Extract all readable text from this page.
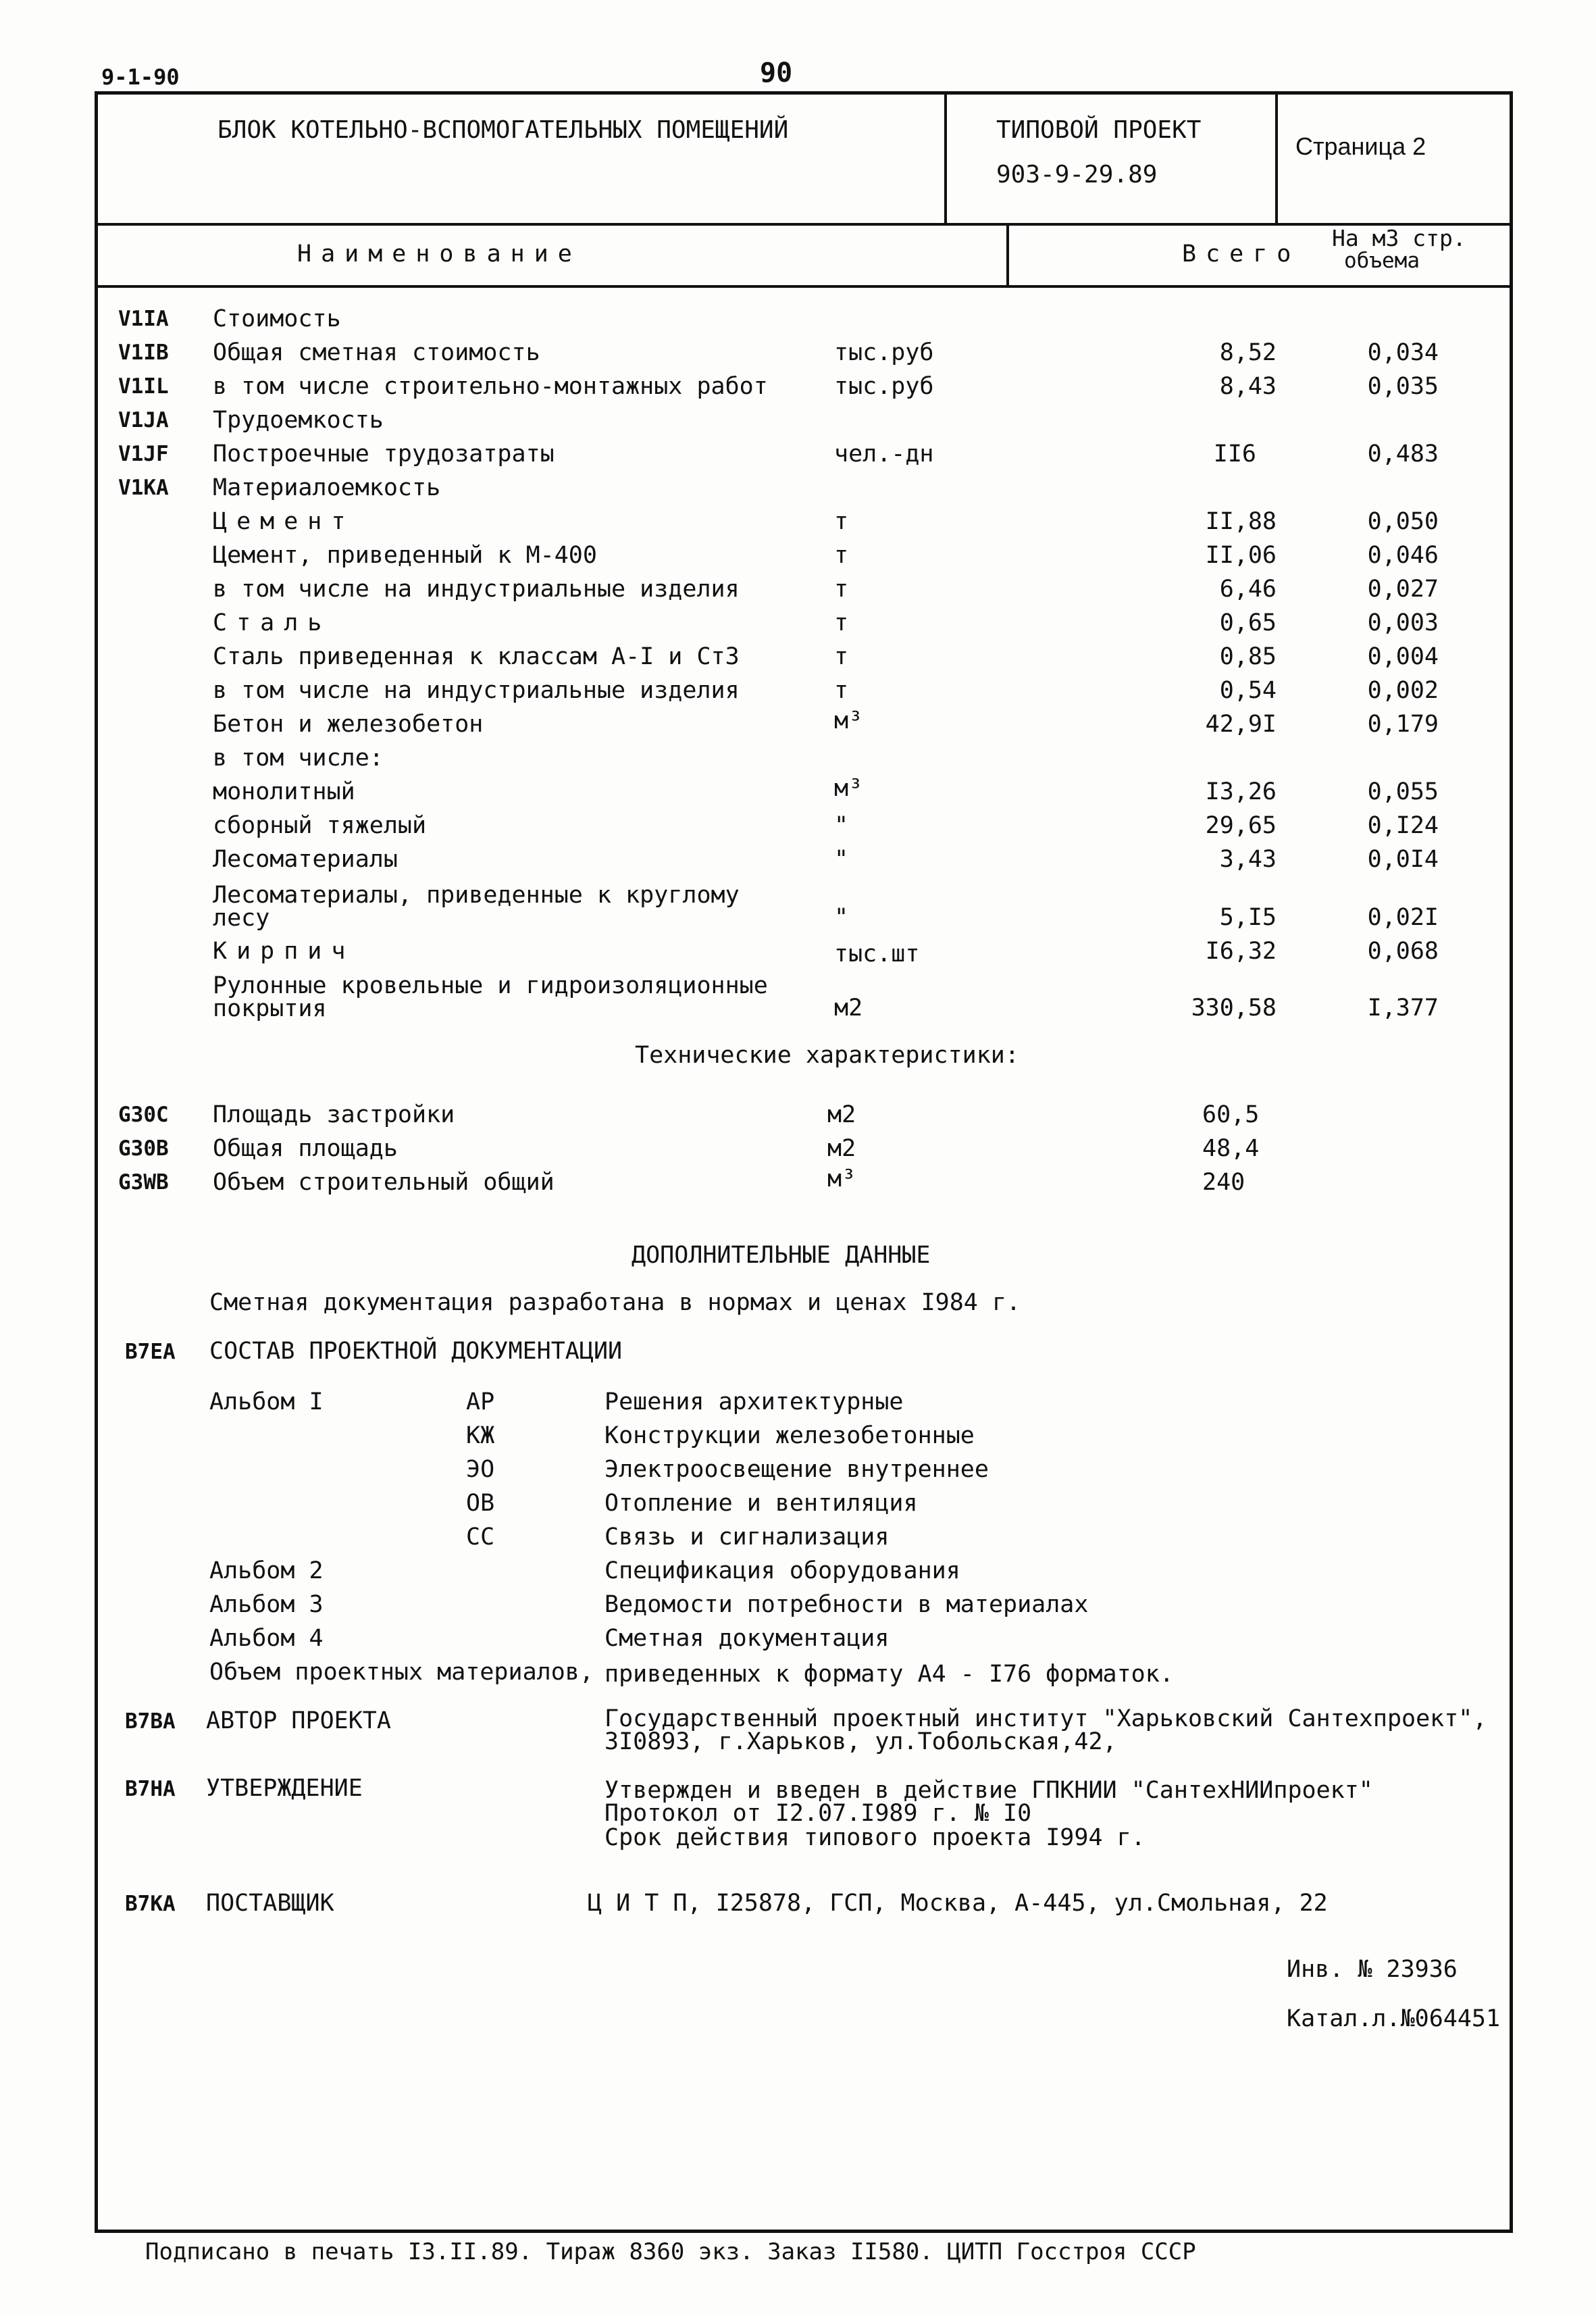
9-1-90	90
БЛОК КОТЕЛЬНО-ВСПОМОГАТЕЛЬНЫХ ПОМЕЩЕНИЙ	ТИПОВОЙ ПРОЕКТ
903-9-29.89
Страница 2
Наименование	Всего
На м3 стр.
объема
V1IA Стоимость
V1IB Общая сметная стоимость	тыс.руб	8,52	0,034
V1IL в том числе строительно-монтажных работ	тыс.руб	8,43	0,035
V1JA Трудоемкость
V1JF Построечные трудозатраты	чел.-дн	II6	0,483
V1KA Материалоемкость
Цемент	т	II,88	0,050
Цемент, приведенный к М-400	т	II,06	0,046
в том числе на индустриальные изделия	т	6,46	0,027
Сталь	т	0,65	0,003
Сталь приведенная к классам А-I и Ст3	т	0,85	0,004
в том числе на индустриальные изделия	т	0,54	0,002
Бетон и железобетон	м³	42,9I	0,179
в том числе:
монолитный	м³	I3,26	0,055
сборный тяжелый	"	29,65	0,I24
Лесоматериалы	"	3,43	0,0I4
Лесоматериалы, приведенные к круглому
лесу	"	5,I5	0,02I
Кирпич	тыс.шт	I6,32	0,068
Рулонные кровельные и гидроизоляционные
покрытия	м2	330,58	I,377
Технические характеристики:
G30C Площадь застройки	м2	60,5
G30B Общая площадь	м2	48,4
G3WB Объем строительный общий	м³	240
ДОПОЛНИТЕЛЬНЫЕ ДАННЫЕ
Сметная документация разработана в нормах и ценах I984 г.
B7EA СОСТАВ ПРОЕКТНОЙ ДОКУМЕНТАЦИИ
Альбом I	АР	Решения архитектурные
КЖ	Конструкции железобетонные
ЭО	Электроосвещение внутреннее
ОВ	Отопление и вентиляция
СС	Связь и сигнализация
Альбом 2	Спецификация оборудования
Альбом 3	Ведомости потребности в материалах
Альбом 4	Сметная документация
Объем проектных материалов, приведенных к формату А4 - I76 форматок.
B7BA АВТОР ПРОЕКТА	Государственный проектный институт "Харьковский Сантехпроект",
3I0893, г.Харьков, ул.Тобольская,42,
B7HA УТВЕРЖДЕНИЕ	Утвержден и введен в действие ГПКНИИ "СантехНИИпроект"
Протокол от I2.07.I989 г. № I0
Срок действия типового проекта I994 г.
B7KA ПОСТАВЩИК	Ц И Т П, I25878, ГСП, Москва, А-445, ул.Смольная, 22
Инв. № 23936
Катал.л.№064451
Подписано в печать I3.II.89. Тираж 8360 экз. Заказ II580. ЦИТП Госстроя СССР
